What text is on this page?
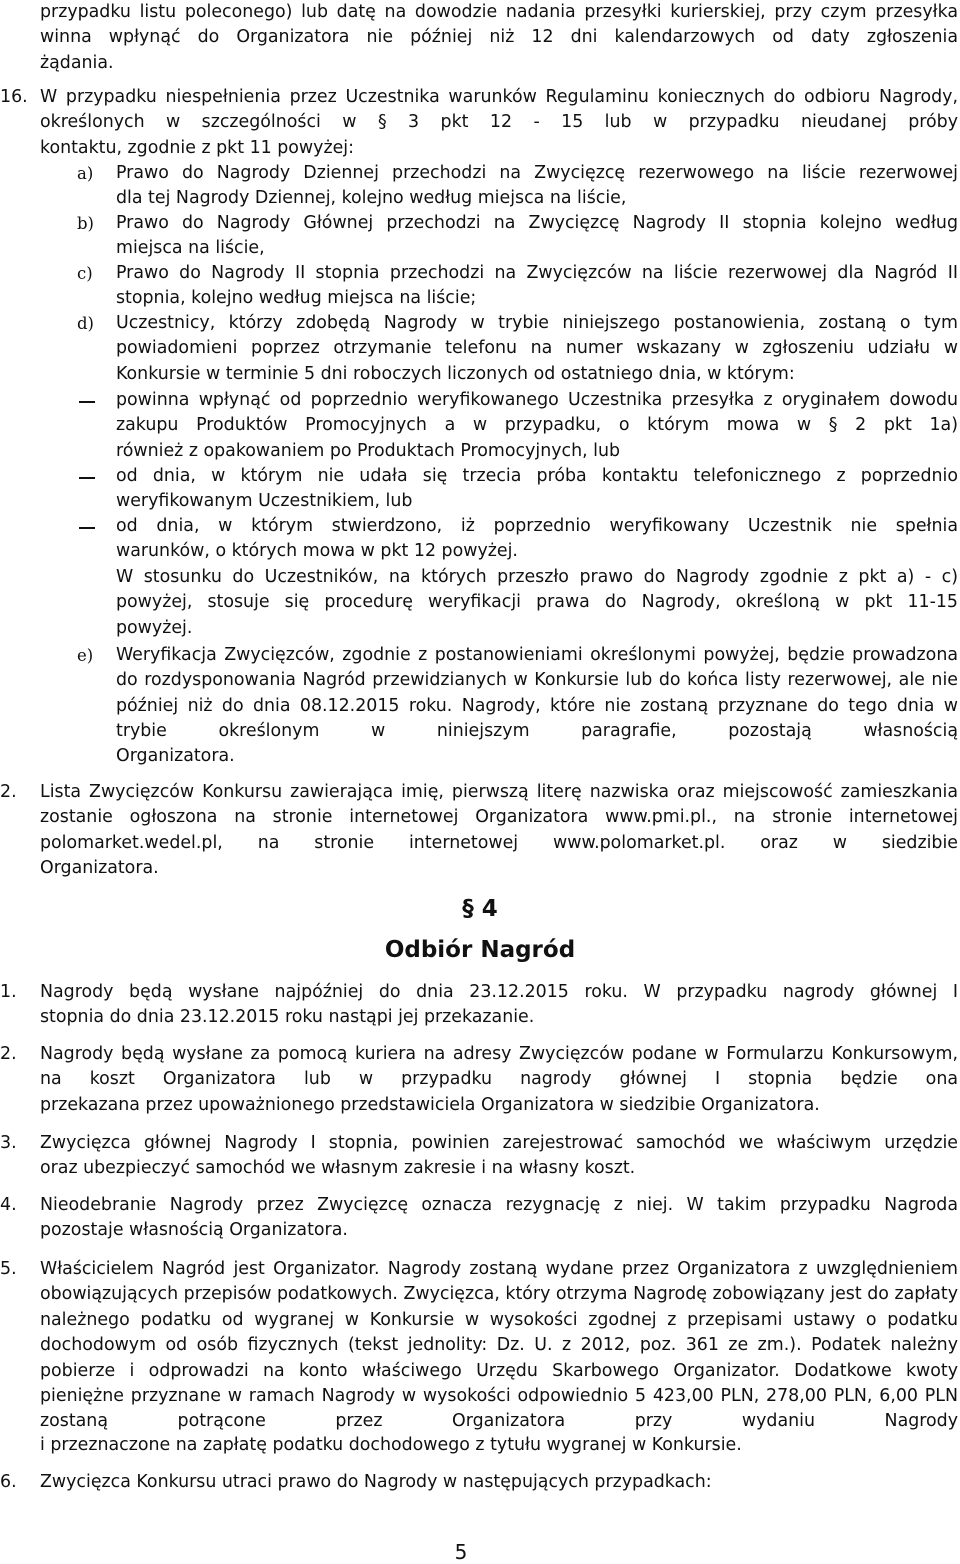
przypadku listu poleconego) lub datę na dowodzie nadania przesyłki kurierskiej, przy czym przesyłka winna wpłynąć do Organizatora nie później niż 12 dni kalendarzowych od daty zgłoszenia
żądania.
16. W przypadku niespełnienia przez Uczestnika warunków Regulaminu koniecznych do odbioru Nagrody, określonych w szczególności w § 3 pkt 12 - 15 lub w przypadku nieudanej próby
kontaktu, zgodnie z pkt 11 powyżej:
a) Prawo do Nagrody Dziennej przechodzi na Zwycięzcę rezerwowego na liście rezerwowej
dla tej Nagrody Dziennej, kolejno według miejsca na liście,
b) Prawo do Nagrody Głównej przechodzi na Zwycięzcę Nagrody II stopnia kolejno według
miejsca na liście,
c) Prawo do Nagrody II stopnia przechodzi na Zwycięzców na liście rezerwowej dla Nagród II
stopnia, kolejno według miejsca na liście;
d) Uczestnicy, którzy zdobędą Nagrody w trybie niniejszego postanowienia, zostaną o tym powiadomieni poprzez otrzymanie telefonu na numer wskazany w zgłoszeniu udziału w
Konkursie w terminie 5 dni roboczych liczonych od ostatniego dnia, w którym:
powinna wpłynąć od poprzednio weryfikowanego Uczestnika przesyłka z oryginałem dowodu zakupu Produktów Promocyjnych a w przypadku, o którym mowa w § 2 pkt 1a)
również z opakowaniem po Produktach Promocyjnych, lub
od dnia, w którym nie udała się trzecia próba kontaktu telefonicznego z poprzednio
weryfikowanym Uczestnikiem, lub
od dnia, w którym stwierdzono, iż poprzednio weryfikowany Uczestnik nie spełnia
warunków, o których mowa w pkt 12 powyżej.
W stosunku do Uczestników, na których przeszło prawo do Nagrody zgodnie z pkt a) - c) powyżej, stosuje się procedurę weryfikacji prawa do Nagrody, określoną w pkt 11-15
powyżej.
e) Weryfikacja Zwycięzców, zgodnie z postanowieniami określonymi powyżej, będzie prowadzona do rozdysponowania Nagród przewidzianych w Konkursie lub do końca listy rezerwowej, ale nie później niż do dnia 08.12.2015 roku. Nagrody, które nie zostaną przyznane do tego dnia w trybie określonym w niniejszym paragrafie, pozostają własnością
Organizatora.
2. Lista Zwycięzców Konkursu zawierająca imię, pierwszą literę nazwiska oraz miejscowość zamieszkania zostanie ogłoszona na stronie internetowej Organizatora www.pmi.pl., na stronie internetowej polomarket.wedel.pl, na stronie internetowej www.polomarket.pl. oraz w siedzibie
Organizatora.
§ 4
Odbiór Nagród
1. Nagrody będą wysłane najpóźniej do dnia 23.12.2015 roku. W przypadku nagrody głównej I
stopnia do dnia 23.12.2015 roku nastąpi jej przekazanie.
2. Nagrody będą wysłane za pomocą kuriera na adresy Zwycięzców podane w Formularzu Konkursowym, na koszt Organizatora lub w przypadku nagrody głównej I stopnia będzie ona
przekazana przez upoważnionego przedstawiciela Organizatora w siedzibie Organizatora.
3. Zwycięzca głównej Nagrody I stopnia, powinien zarejestrować samochód we właściwym urzędzie
oraz ubezpieczyć samochód we własnym zakresie i na własny koszt.
4. Nieodebranie Nagrody przez Zwycięzcę oznacza rezygnację z niej. W takim przypadku Nagroda
pozostaje własnością Organizatora.
5. Właścicielem Nagród jest Organizator. Nagrody zostaną wydane przez Organizatora z uwzględnieniem obowiązujących przepisów podatkowych. Zwycięzca, który otrzyma Nagrodę zobowiązany jest do zapłaty należnego podatku od wygranej w Konkursie w wysokości zgodnej z przepisami ustawy o podatku dochodowym od osób fizycznych (tekst jednolity: Dz. U. z 2012, poz. 361 ze zm.). Podatek należny pobierze i odprowadzi na konto właściwego Urzędu Skarbowego Organizator. Dodatkowe kwoty pieniężne przyznane w ramach Nagrody w wysokości odpowiednio 5 423,00 PLN, 278,00 PLN, 6,00 PLN zostaną potrącone przez Organizatora przy wydaniu Nagrody
i przeznaczone na zapłatę podatku dochodowego z tytułu wygranej w Konkursie.
6. Zwycięzca Konkursu utraci prawo do Nagrody w następujących przypadkach:
5
